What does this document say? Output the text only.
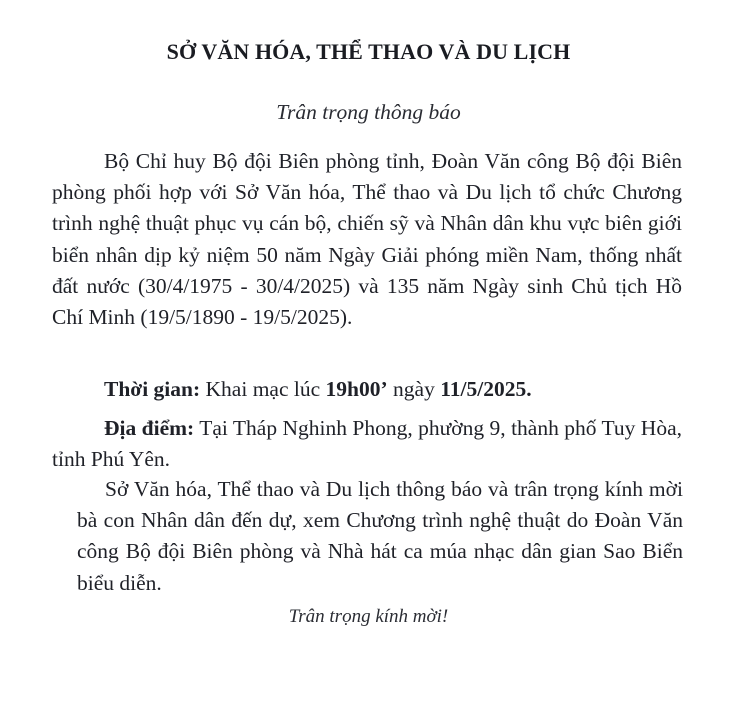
SỞ VĂN HÓA, THỂ THAO VÀ DU LỊCH
Trân trọng thông báo

Bộ Chỉ huy Bộ đội Biên phòng tỉnh, Đoàn Văn công Bộ đội Biên phòng phối hợp với Sở Văn hóa, Thể thao và Du lịch tổ chức Chương trình nghệ thuật phục vụ cán bộ, chiến sỹ và Nhân dân khu vực biên giới biển nhân dịp kỷ niệm 50 năm Ngày Giải phóng miền Nam, thống nhất đất nước (30/4/1975 - 30/4/2025) và 135 năm Ngày sinh Chủ tịch Hồ Chí Minh (19/5/1890 - 19/5/2025).

Thời gian: Khai mạc lúc 19h00’ ngày 11/5/2025.

Địa điểm: Tại Tháp Nghinh Phong, phường 9, thành phố Tuy Hòa, tỉnh Phú Yên.

Sở Văn hóa, Thể thao và Du lịch thông báo và trân trọng kính mời bà con Nhân dân đến dự, xem Chương trình nghệ thuật do Đoàn Văn công Bộ đội Biên phòng và Nhà hát ca múa nhạc dân gian Sao Biển biểu diễn.

Trân trọng kính mời!
